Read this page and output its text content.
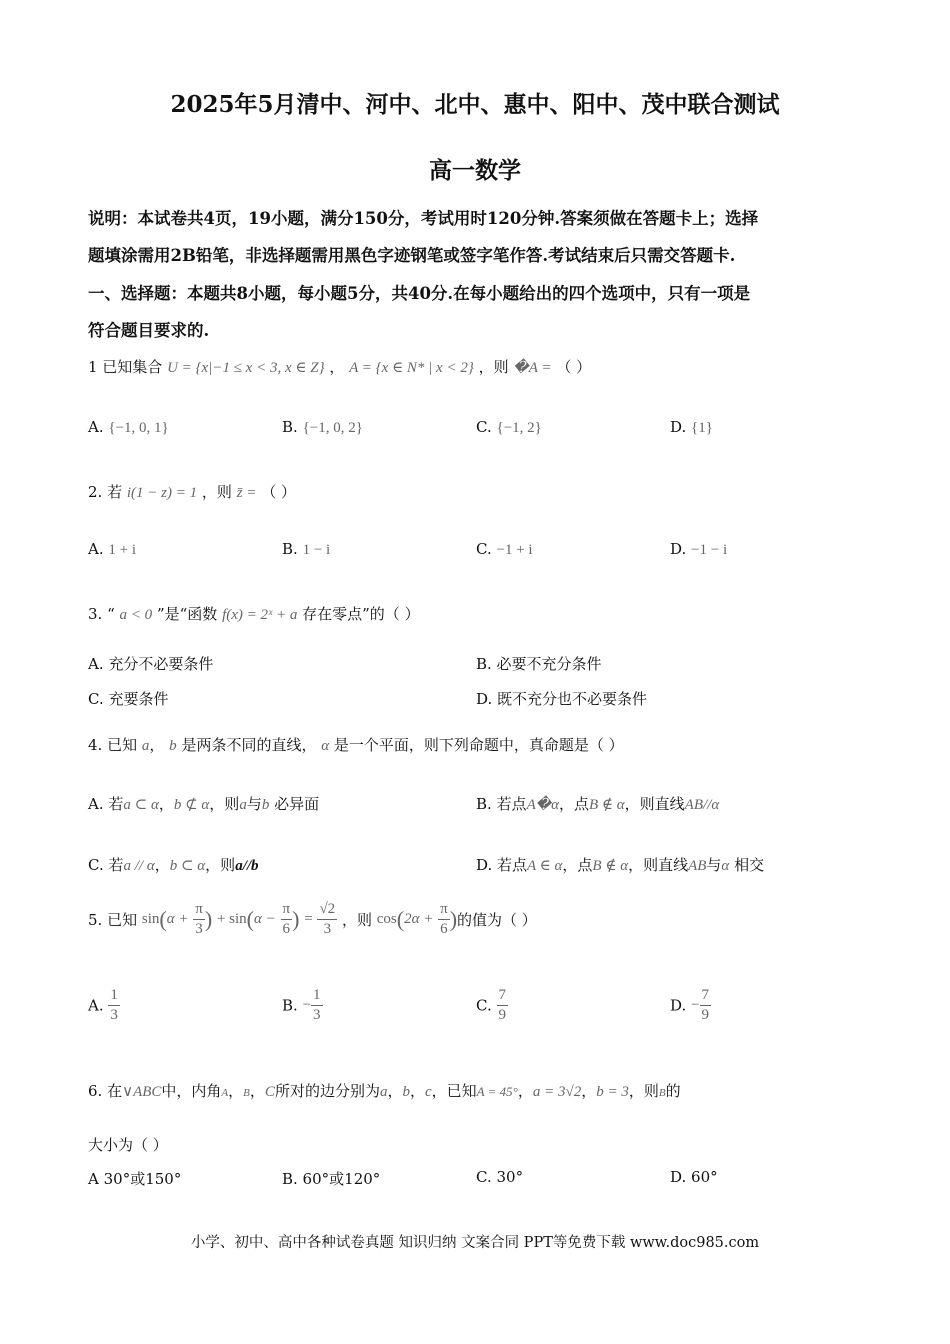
2025年5月清中、河中、北中、惠中、阳中、茂中联合测试
高一数学
说明：本试卷共4页，19小题，满分150分，考试用时120分钟.答案须做在答题卡上；选择
题填涂需用2B铅笔，非选择题需用黑色字迹钢笔或签字笔作答.考试结束后只需交答题卡.
一、选择题：本题共8小题，每小题5分，共40分.在每小题给出的四个选项中，只有一项是
符合题目要求的.
1 已知集合 U = {x|−1 ≤ x < 3, x ∈ Z} ， A = {x ∈ N* | x < 2} ，则 �A = （ ）
A. {−1, 0, 1}	B. {−1, 0, 2}	C. {−1, 2}	D. {1}
2. 若 i(1 − z) = 1 ，则 z̄ = （ ）
A. 1 + i	B. 1 − i	C. −1 + i	D. −1 − i
3. “ a < 0 ”是“函数 f(x) = 2ˣ + a 存在零点”的（ ）
A. 充分不必要条件	B. 必要不充分条件
C. 充要条件	D. 既不充分也不必要条件
4. 已知 a， b 是两条不同的直线， α 是一个平面，则下列命题中，真命题是（ ）
A. 若a ⊂ α，b ⊄ α，则a与b 必异面	B. 若点A�α，点B ∉ α，则直线AB//α
C. 若a // α，b ⊂ α，则a//b	D. 若点A ∈ α，点B ∉ α，则直线AB与α 相交
5. 已知 $\sin(\alpha + \frac{\pi}{3}$ ) + $\sin(\alpha - \frac{\pi}{6}$ ) = $\frac{√2}{3}$ ，则 $\cos(2\alpha + \frac{\pi}{6}$ )的值为（ ）
A. $\frac{1}{3}$	B. − $\frac{1}{3}$	C. $\frac{7}{9}$	D. − $\frac{7}{9}$
6. 在∨ABC中，内角A，B，C所对的边分别为a，b，c，已知A = 45°，a = 3√2，b = 3，则B的
大小为（ ）
A 30°或150°	B. 60°或120°	C. 30°	D. 60°
小学、初中、高中各种试卷真题 知识归纳 文案合同 PPT等免费下载 www.doc985.com
